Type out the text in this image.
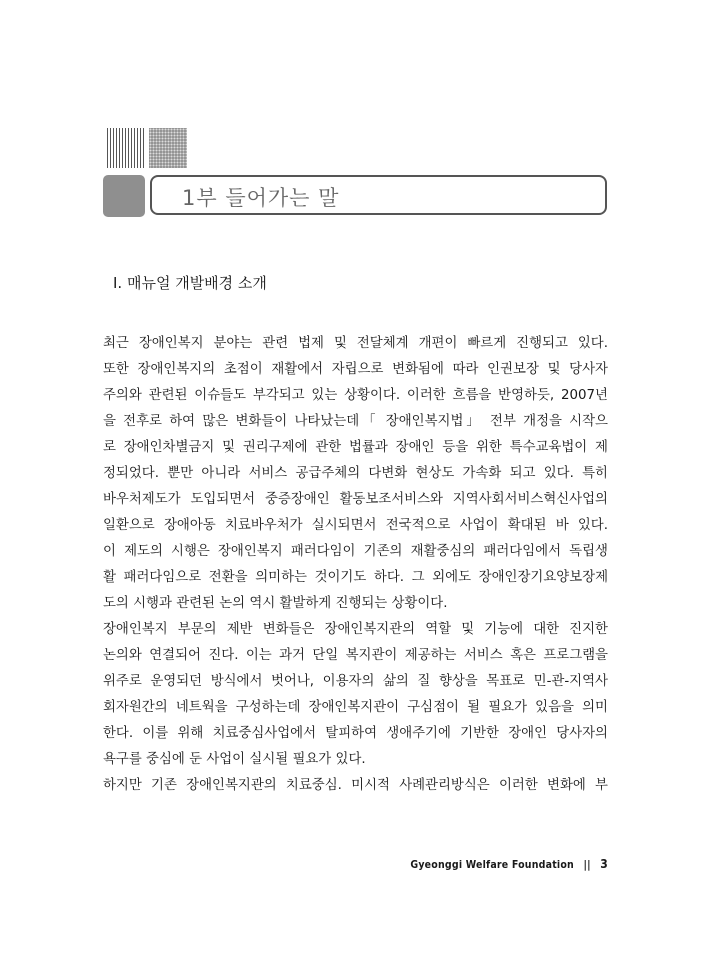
1부 들어가는 말
Ⅰ. 매뉴얼 개발배경 소개
최근 장애인복지 분야는 관련 법제 및 전달체계 개편이 빠르게 진행되고 있다.
또한 장애인복지의 초점이 재활에서 자립으로 변화됨에 따라 인권보장 및 당사자
주의와 관련된 이슈들도 부각되고 있는 상황이다. 이러한 흐름을 반영하듯, 2007년
을 전후로 하여 많은 변화들이 나타났는데「 장애인복지법」 전부 개정을 시작으
로 장애인차별금지 및 권리구제에 관한 법률과 장애인 등을 위한 특수교육법이 제
정되었다. 뿐만 아니라 서비스 공급주체의 다변화 현상도 가속화 되고 있다. 특히
바우처제도가 도입되면서 중증장애인 활동보조서비스와 지역사회서비스혁신사업의
일환으로 장애아동 치료바우처가 실시되면서 전국적으로 사업이 확대된 바 있다.
이 제도의 시행은 장애인복지 패러다임이 기존의 재활중심의 패러다임에서 독립생
활 패러다임으로 전환을 의미하는 것이기도 하다. 그 외에도 장애인장기요양보장제
도의 시행과 관련된 논의 역시 활발하게 진행되는 상황이다.
장애인복지 부문의 제반 변화들은 장애인복지관의 역할 및 기능에 대한 진지한
논의와 연결되어 진다. 이는 과거 단일 복지관이 제공하는 서비스 혹은 프로그램을
위주로 운영되던 방식에서 벗어나, 이용자의 삶의 질 향상을 목표로 민-관-지역사
회자원간의 네트웍을 구성하는데 장애인복지관이 구심점이 될 필요가 있음을 의미
한다. 이를 위해 치료중심사업에서 탈피하여 생애주기에 기반한 장애인 당사자의
욕구를 중심에 둔 사업이 실시될 필요가 있다.
하지만 기존 장애인복지관의 치료중심. 미시적 사례관리방식은 이러한 변화에 부
Gyeonggi Welfare Foundation || 3
